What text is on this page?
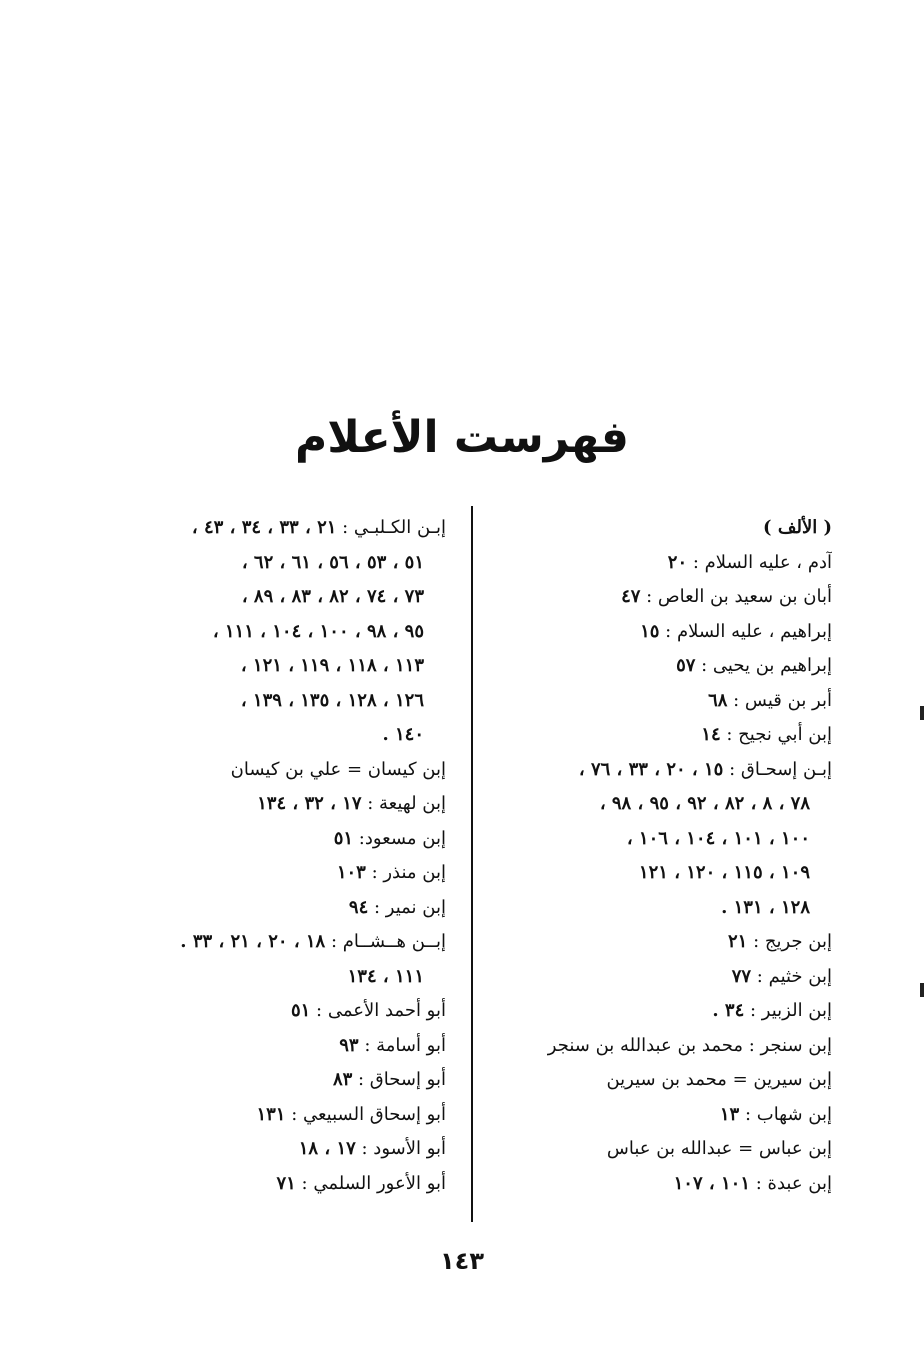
فهرست الأعلام
( الألف )
آدم ، عليه السلام : ٢٠
أبان بن سعيد بن العاص : ٤٧
إبراهيم ، عليه السلام : ١٥
إبراهيم بن يحيى : ٥٧
أبر بن قيس : ٦٨
إبن أبي نجيح : ١٤
إبـن إسحـاق : ١٥ ، ٢٠ ، ٣٣ ، ٧٦ ،
٧٨ ، ٨ ، ٨٢ ، ٩٢ ، ٩٥ ، ٩٨ ،
١٠٠ ، ١٠١ ، ١٠٤ ، ١٠٦ ،
١٠٩ ، ١١٥ ، ١٢٠ ، ١٢١
١٢٨ ، ١٣١ .
إبن جريج : ٢١
إبن خثيم : ٧٧
إبن الزبير : ٣٤ .
إبن سنجر : محمد بن عبدالله بن سنجر
إبن سيرين = محمد بن سيرين
إبن شهاب : ١٣
إبن عباس = عبدالله بن عباس
إبن عبدة : ١٠١ ، ١٠٧
إبـن الكـلبـي : ٢١ ، ٣٣ ، ٣٤ ، ٤٣ ،
٥١ ، ٥٣ ، ٥٦ ، ٦١ ، ٦٢ ،
٧٣ ، ٧٤ ، ٨٢ ، ٨٣ ، ٨٩ ،
٩٥ ، ٩٨ ، ١٠٠ ، ١٠٤ ، ١١١ ،
١١٣ ، ١١٨ ، ١١٩ ، ١٢١ ،
١٢٦ ، ١٢٨ ، ١٣٥ ، ١٣٩ ،
١٤٠ .
إبن كيسان = علي بن كيسان
إبن لهيعة : ١٧ ، ٣٢ ، ١٣٤
إبن مسعود: ٥١
إبن منذر : ١٠٣
إبن نمير : ٩٤
إبــن هــشــام : ١٨ ، ٢٠ ، ٢١ ، ٣٣ .
١١١ ، ١٣٤
أبو أحمد الأعمى : ٥١
أبو أسامة : ٩٣
أبو إسحاق : ٨٣
أبو إسحاق السبيعي : ١٣١
أبو الأسود : ١٧ ، ١٨
أبو الأعور السلمي : ٧١
١٤٣
